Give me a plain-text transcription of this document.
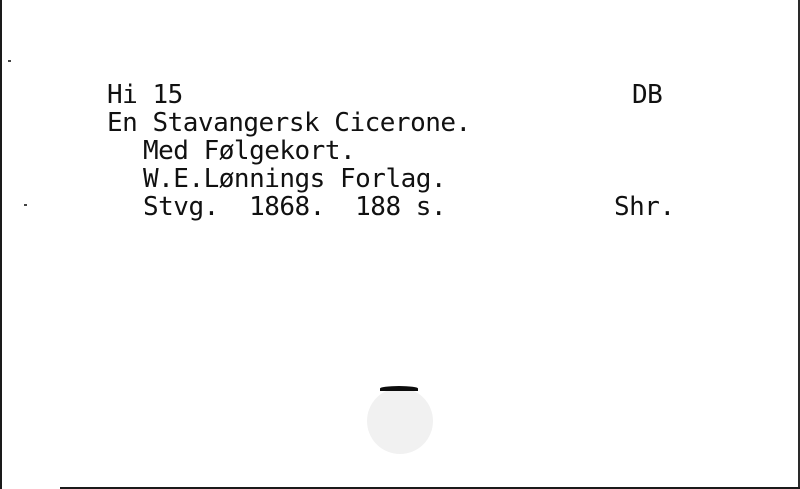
Hi 15	DB
En Stavangersk Cicerone.
Med Følgekort.
W.E.Lønnings Forlag.
Stvg.  1868.  188 s.	Shr.
